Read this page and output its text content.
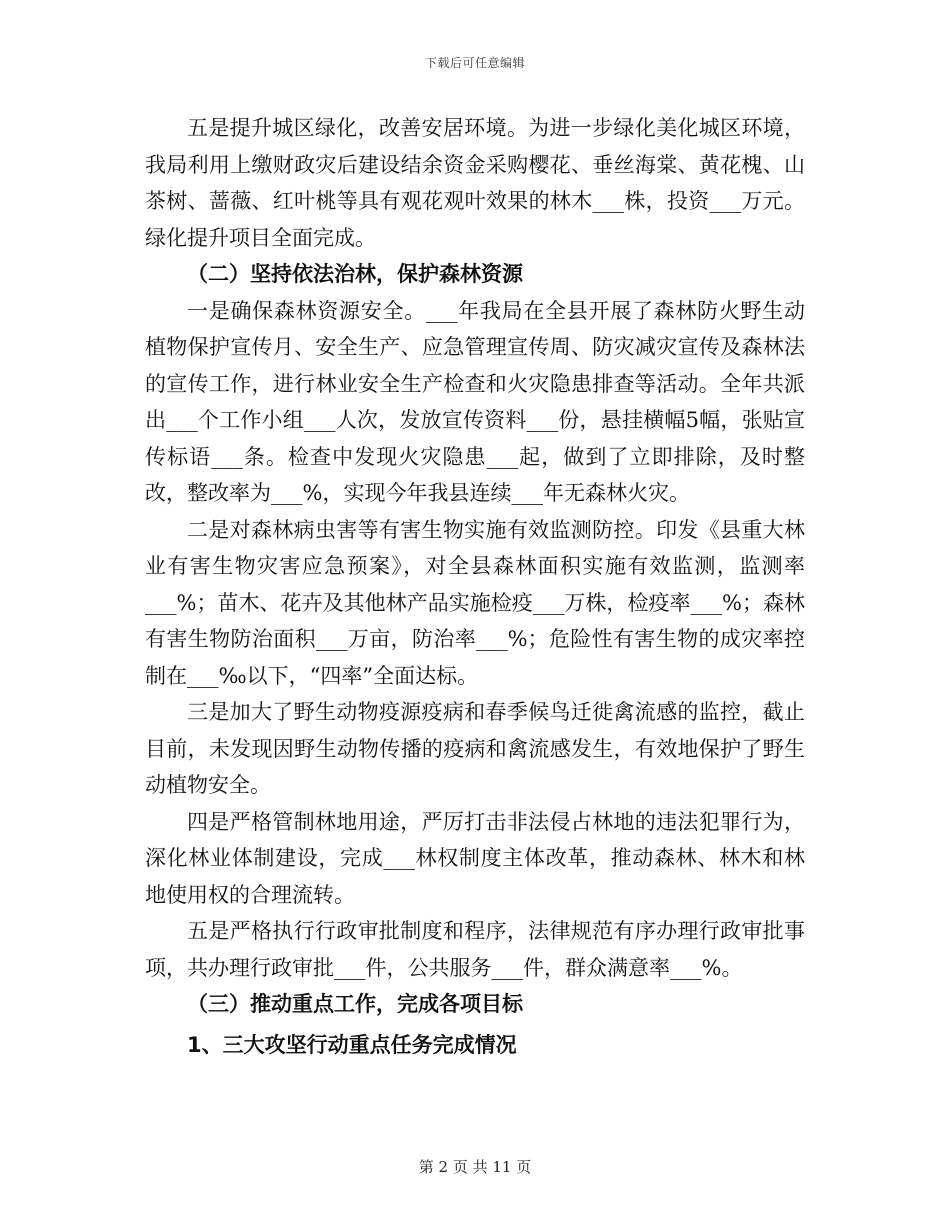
下载后可任意编辑

五是提升城区绿化，改善安居环境。为进一步绿化美化城区环境，我局利用上缴财政灾后建设结余资金采购樱花、垂丝海棠、黄花槐、山茶树、蔷薇、红叶桃等具有观花观叶效果的林木___株，投资___万元。绿化提升项目全面完成。

（二）坚持依法治林，保护森林资源

一是确保森林资源安全。___年我局在全县开展了森林防火野生动植物保护宣传月、安全生产、应急管理宣传周、防灾减灾宣传及森林法的宣传工作，进行林业安全生产检查和火灾隐患排查等活动。全年共派出___个工作小组___人次，发放宣传资料___份，悬挂横幅5幅，张贴宣传标语___条。检查中发现火灾隐患___起，做到了立即排除，及时整改，整改率为___%，实现今年我县连续___年无森林火灾。

二是对森林病虫害等有害生物实施有效监测防控。印发《县重大林业有害生物灾害应急预案》，对全县森林面积实施有效监测，监测率___%；苗木、花卉及其他林产品实施检疫___万株，检疫率___%；森林有害生物防治面积___万亩，防治率___%；危险性有害生物的成灾率控制在___‰以下，“四率”全面达标。

三是加大了野生动物疫源疫病和春季候鸟迁徙禽流感的监控，截止目前，未发现因野生动物传播的疫病和禽流感发生，有效地保护了野生动植物安全。

四是严格管制林地用途，严厉打击非法侵占林地的违法犯罪行为，深化林业体制建设，完成___林权制度主体改革，推动森林、林木和林地使用权的合理流转。

五是严格执行行政审批制度和程序，法律规范有序办理行政审批事项，共办理行政审批___件，公共服务___件，群众满意率___%。

（三）推动重点工作，完成各项目标

1、三大攻坚行动重点任务完成情况

第 2 页 共 11 页
